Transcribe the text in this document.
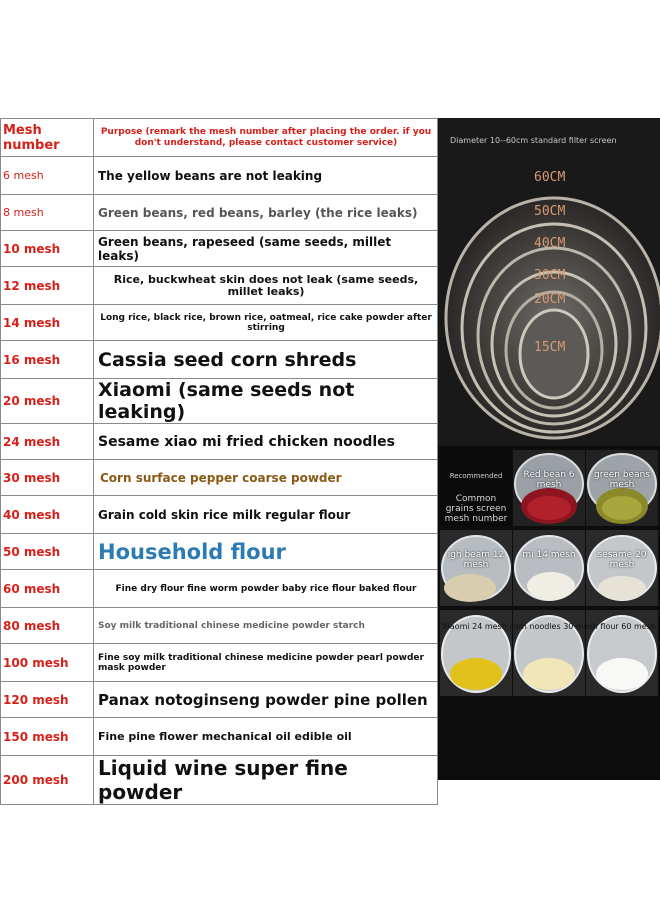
Mesh number	Purpose (remark the mesh number after placing the order. if you don't understand, please contact customer service)
6 mesh	The yellow beans are not leaking
8 mesh	Green beans, red beans, barley (the rice leaks)
10 mesh	Green beans, rapeseed (same seeds, millet leaks)
12 mesh	Rice, buckwheat skin does not leak (same seeds, millet leaks)
14 mesh	Long rice, black rice, brown rice, oatmeal, rice cake powder after stirring
16 mesh	Cassia seed corn shreds
20 mesh	Xiaomi (same seeds not leaking)
24 mesh	Sesame xiao mi fried chicken noodles
30 mesh	Corn surface pepper coarse powder
40 mesh	Grain cold skin rice milk regular flour
50 mesh	Household flour
60 mesh	Fine dry flour fine worm powder baby rice flour baked flour
80 mesh	Soy milk traditional chinese medicine powder starch
100 mesh	Fine soy milk traditional chinese medicine powder pearl powder mask powder
120 mesh	Panax notoginseng powder pine pollen
150 mesh	Fine pine flower mechanical oil edible oil
200 mesh	Liquid wine super fine powder
Diameter 10--60cm standard filter screen
60CM
50CM
40CM
30CM
20CM
15CM
Recommended
Common grains screen mesh number
Red bean 6 mesh
green beans mesh
igh beam 12 mesh
mi 14 mesh	sesame 20 mesh
Xiaomi 24 mesh corn noodles 30 mesh flour 60 mesh
